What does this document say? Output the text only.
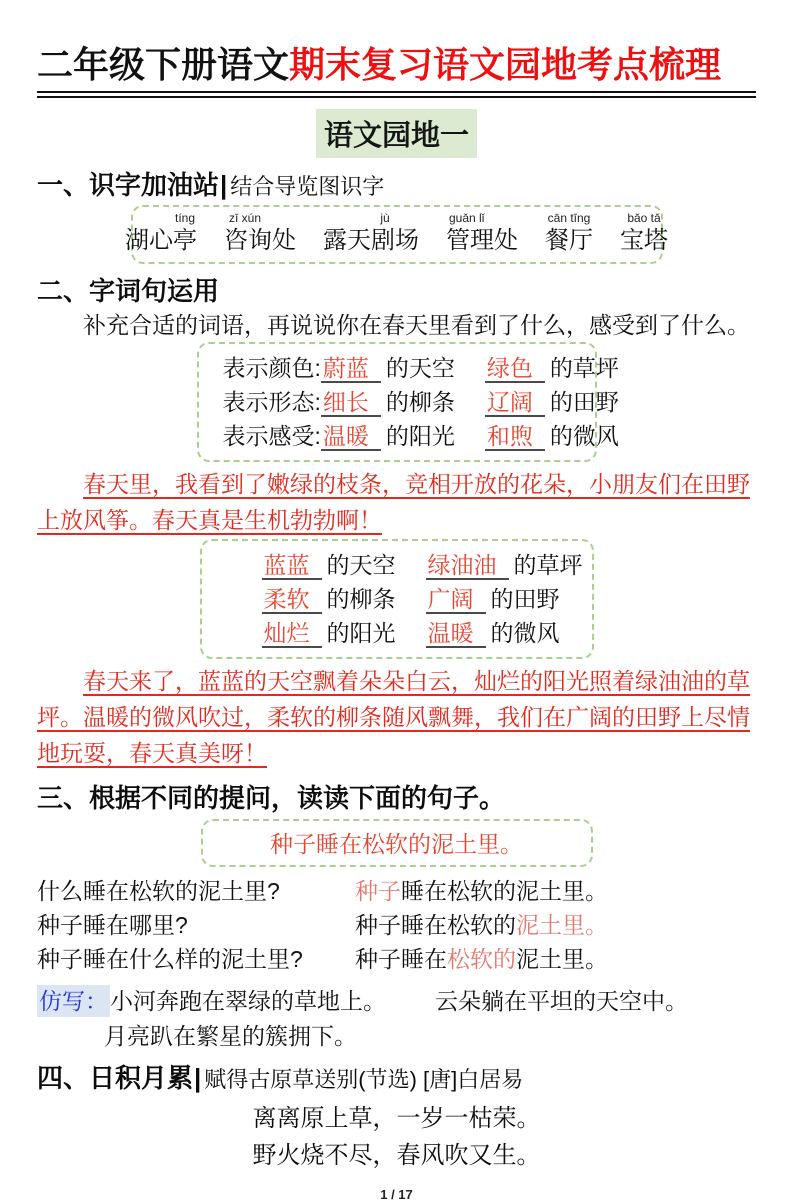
二年级下册语文期末复习语文园地考点梳理
语文园地一
一、识字加油站| 结合导览图识字
tíng
湖心亭
zī xún
咨询处
jù
露天剧场
guǎn lǐ
管理处
cān tīng
餐厅
bǎo tǎ
宝塔
二、字词句运用

补充合适的词语，再说说你在春天里看到了什么，感受到了什么。

表示颜色:蔚蓝 的天空 绿色 的草坪
表示形态:细长 的柳条 辽阔 的田野
表示感受:温暖 的阳光 和煦 的微风

春天里，我看到了嫩绿的枝条，竞相开放的花朵，小朋友们在田野上放风筝。春天真是生机勃勃啊！

蓝蓝 的天空 绿油油 的草坪
柔软 的柳条 广阔 的田野
灿烂 的阳光 温暖 的微风

春天来了，蓝蓝的天空飘着朵朵白云，灿烂的阳光照着绿油油的草坪。温暖的微风吹过，柔软的柳条随风飘舞，我们在广阔的田野上尽情地玩耍，春天真美呀！

三、根据不同的提问，读读下面的句子。
种子睡在松软的泥土里。
什么睡在松软的泥土里?	种子睡在松软的泥土里。
种子睡在哪里?	种子睡在松软的泥土里。
种子睡在什么样的泥土里?	种子睡在松软的泥土里。
仿写： 小河奔跑在翠绿的草地上。 云朵躺在平坦的天空中。

月亮趴在繁星的簇拥下。

四、日积月累| 赋得古原草送别(节选) [唐]白居易
离离原上草，一岁一枯荣。
野火烧不尽，春风吹又生。
1 / 17
